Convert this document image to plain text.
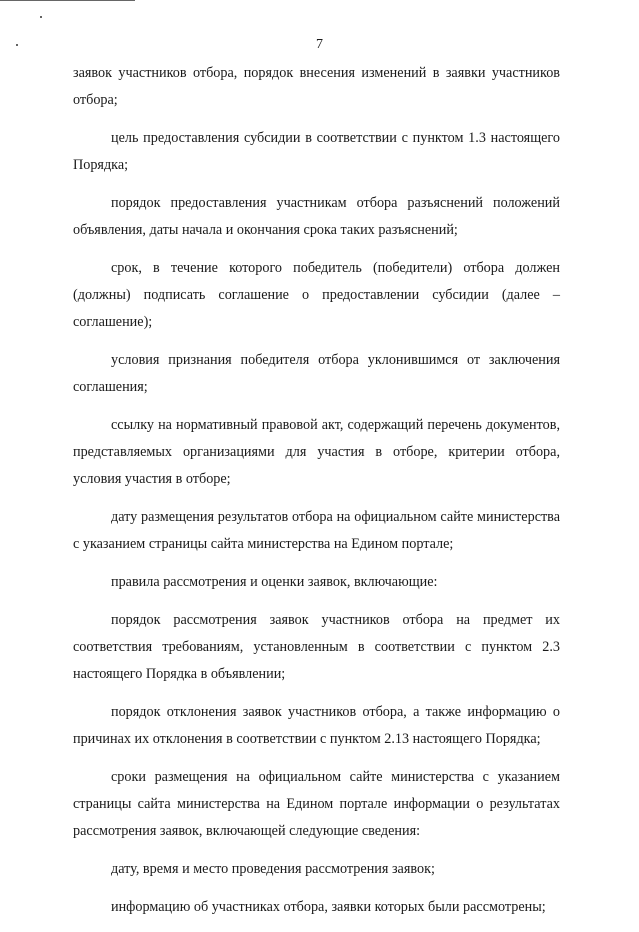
7

заявок участников отбора, порядок внесения изменений в заявки участников отбора;

цель предоставления субсидии в соответствии с пунктом 1.3 настоящего Порядка;

порядок предоставления участникам отбора разъяснений положений объявления, даты начала и окончания срока таких разъяснений;

срок, в течение которого победитель (победители) отбора должен (должны) подписать соглашение о предоставлении субсидии (далее – соглашение);

условия признания победителя отбора уклонившимся от заключения соглашения;

ссылку на нормативный правовой акт, содержащий перечень документов, представляемых организациями для участия в отборе, критерии отбора, условия участия в отборе;

дату размещения результатов отбора на официальном сайте министерства с указанием страницы сайта министерства на Едином портале;

правила рассмотрения и оценки заявок, включающие:

порядок рассмотрения заявок участников отбора на предмет их соответствия требованиям, установленным в соответствии с пунктом 2.3 настоящего Порядка в объявлении;

порядок отклонения заявок участников отбора, а также информацию о причинах их отклонения в соответствии с пунктом 2.13 настоящего Порядка;

сроки размещения на официальном сайте министерства с указанием страницы сайта министерства на Едином портале информации о результатах рассмотрения заявок, включающей следующие сведения:

дату, время и место проведения рассмотрения заявок;

информацию об участниках отбора, заявки которых были рассмотрены;
